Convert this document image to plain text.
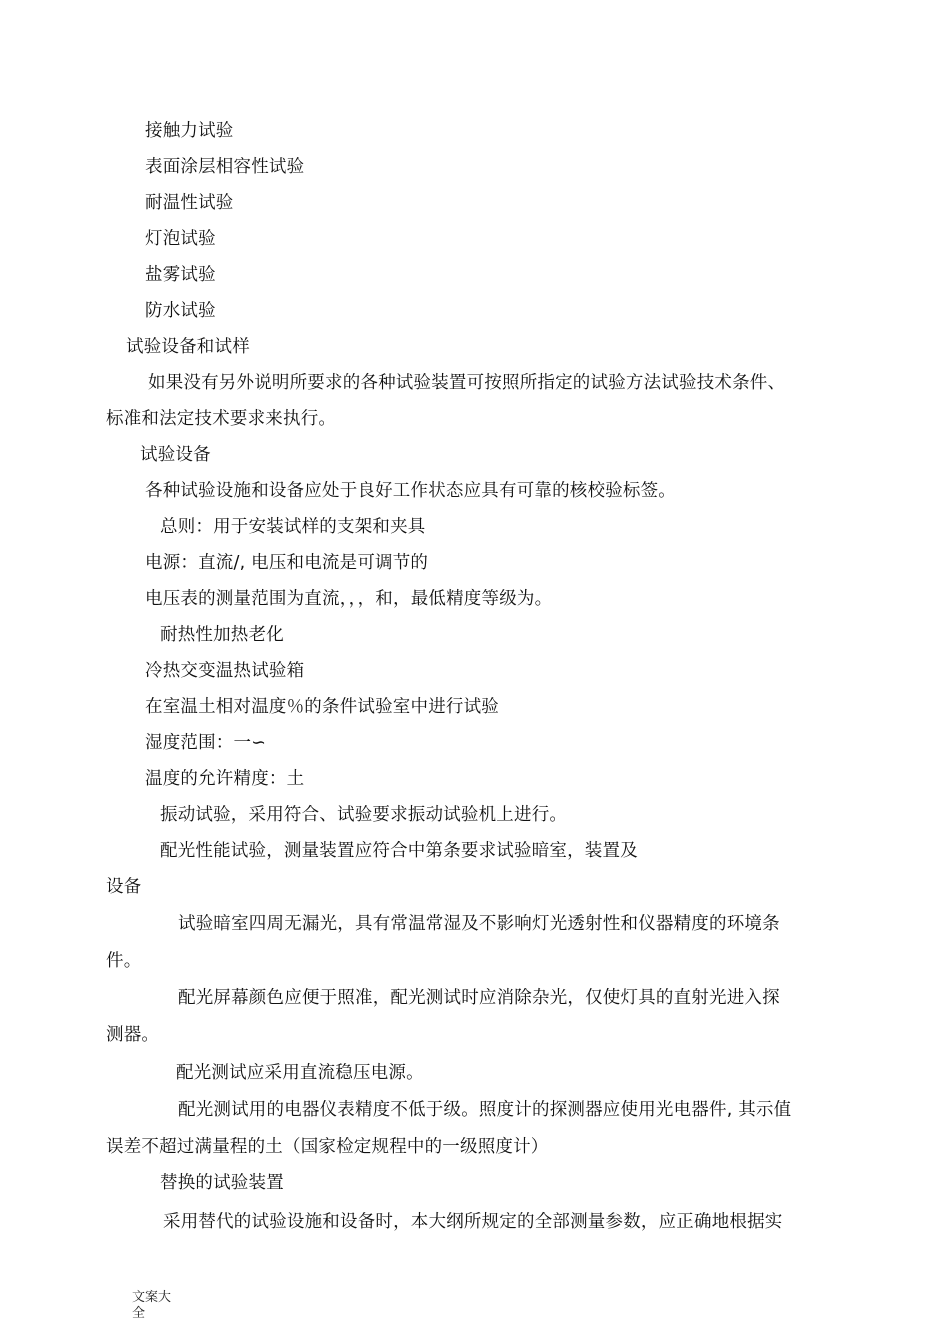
接触力试验
表面涂层相容性试验
耐温性试验
灯泡试验
盐雾试验
防水试验
试验设备和试样
如果没有另外说明所要求的各种试验装置可按照所指定的试验方法试验技术条件、
标准和法定技术要求来执行。
试验设备
各种试验设施和设备应处于良好工作状态应具有可靠的核校验标签。
总则：用于安装试样的支架和夹具
电源：直流/, 电压和电流是可调节的
电压表的测量范围为直流，，，和，最低精度等级为。
耐热性加热老化
冷热交变温热试验箱
在室温土相对温度％的条件试验室中进行试验
湿度范围：一∽
温度的允许精度：土
振动试验，采用符合、试验要求振动试验机上进行。
配光性能试验，测量装置应符合中第条要求试验暗室，装置及
设备
试验暗室四周无漏光，具有常温常湿及不影响灯光透射性和仪器精度的环境条
件。
配光屏幕颜色应便于照准，配光测试时应消除杂光，仅使灯具的直射光进入探
测器。
配光测试应采用直流稳压电源。
配光测试用的电器仪表精度不低于级。照度计的探测器应使用光电器件, 其示值
误差不超过满量程的土（国家检定规程中的一级照度计）
替换的试验装置
采用替代的试验设施和设备时，本大纲所规定的全部测量参数，应正确地根据实
文案大全
